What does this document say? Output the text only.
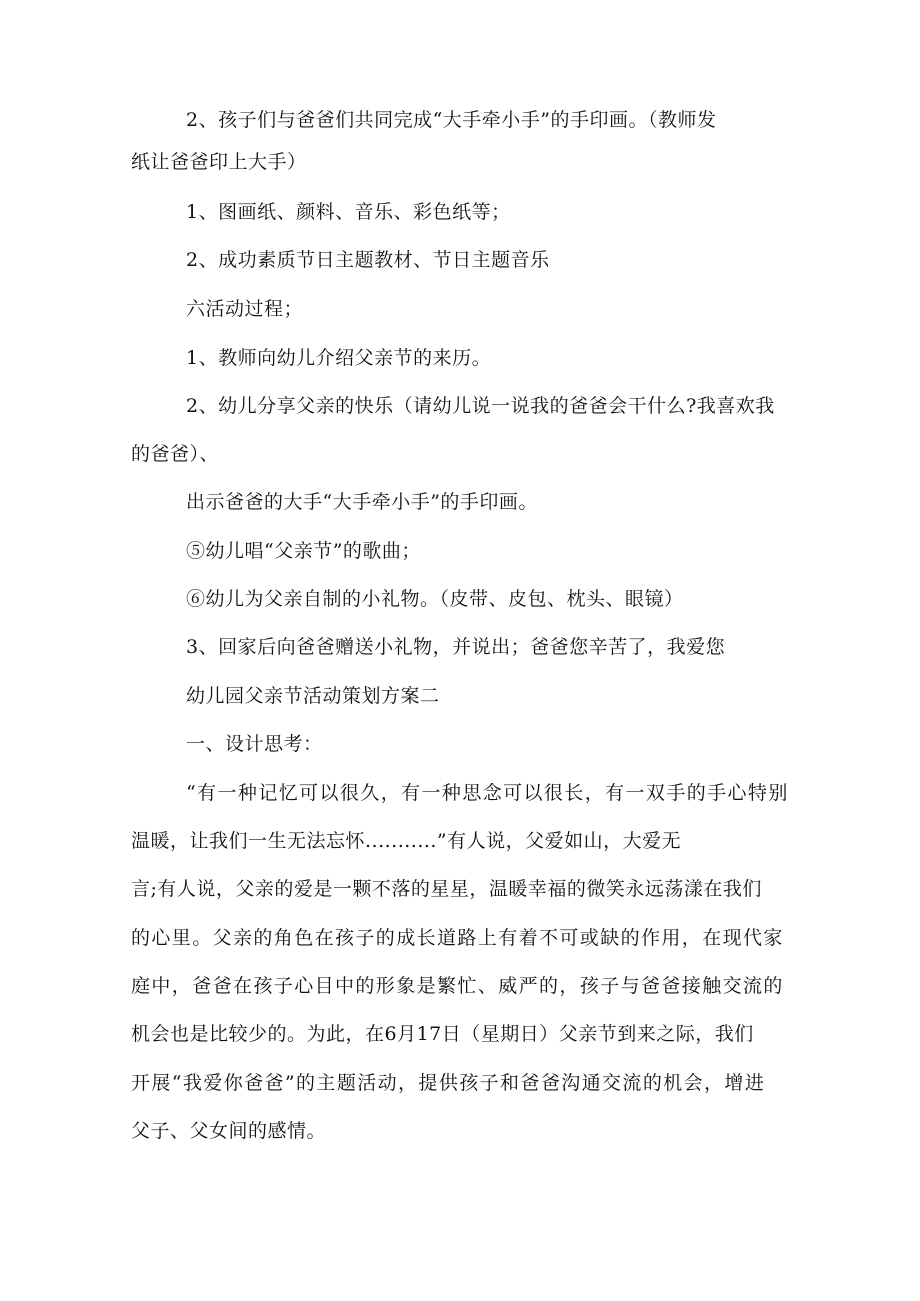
2、孩子们与爸爸们共同完成“大手牵小手”的手印画。（教师发
纸让爸爸印上大手）
1、图画纸、颜料、音乐、彩色纸等；
2、成功素质节日主题教材、节日主题音乐
六活动过程；
1、教师向幼儿介绍父亲节的来历。
2、幼儿分享父亲的快乐（请幼儿说一说我的爸爸会干什么?我喜欢我
的爸爸）、
出示爸爸的大手“大手牵小手”的手印画。
⑤幼儿唱“父亲节”的歌曲；
⑥幼儿为父亲自制的小礼物。（皮带、皮包、枕头、眼镜）
3、回家后向爸爸赠送小礼物，并说出；爸爸您辛苦了，我爱您
幼儿园父亲节活动策划方案二
一、设计思考：
“有一种记忆可以很久，有一种思念可以很长，有一双手的手心特别
温暖，让我们一生无法忘怀...........”有人说，父爱如山，大爱无
言;有人说，父亲的爱是一颗不落的星星，温暖幸福的微笑永远荡漾在我们
的心里。父亲的角色在孩子的成长道路上有着不可或缺的作用，在现代家
庭中，爸爸在孩子心目中的形象是繁忙、威严的，孩子与爸爸接触交流的
机会也是比较少的。为此，在6月17日（星期日）父亲节到来之际，我们
开展“我爱你爸爸”的主题活动，提供孩子和爸爸沟通交流的机会，增进
父子、父女间的感情。
